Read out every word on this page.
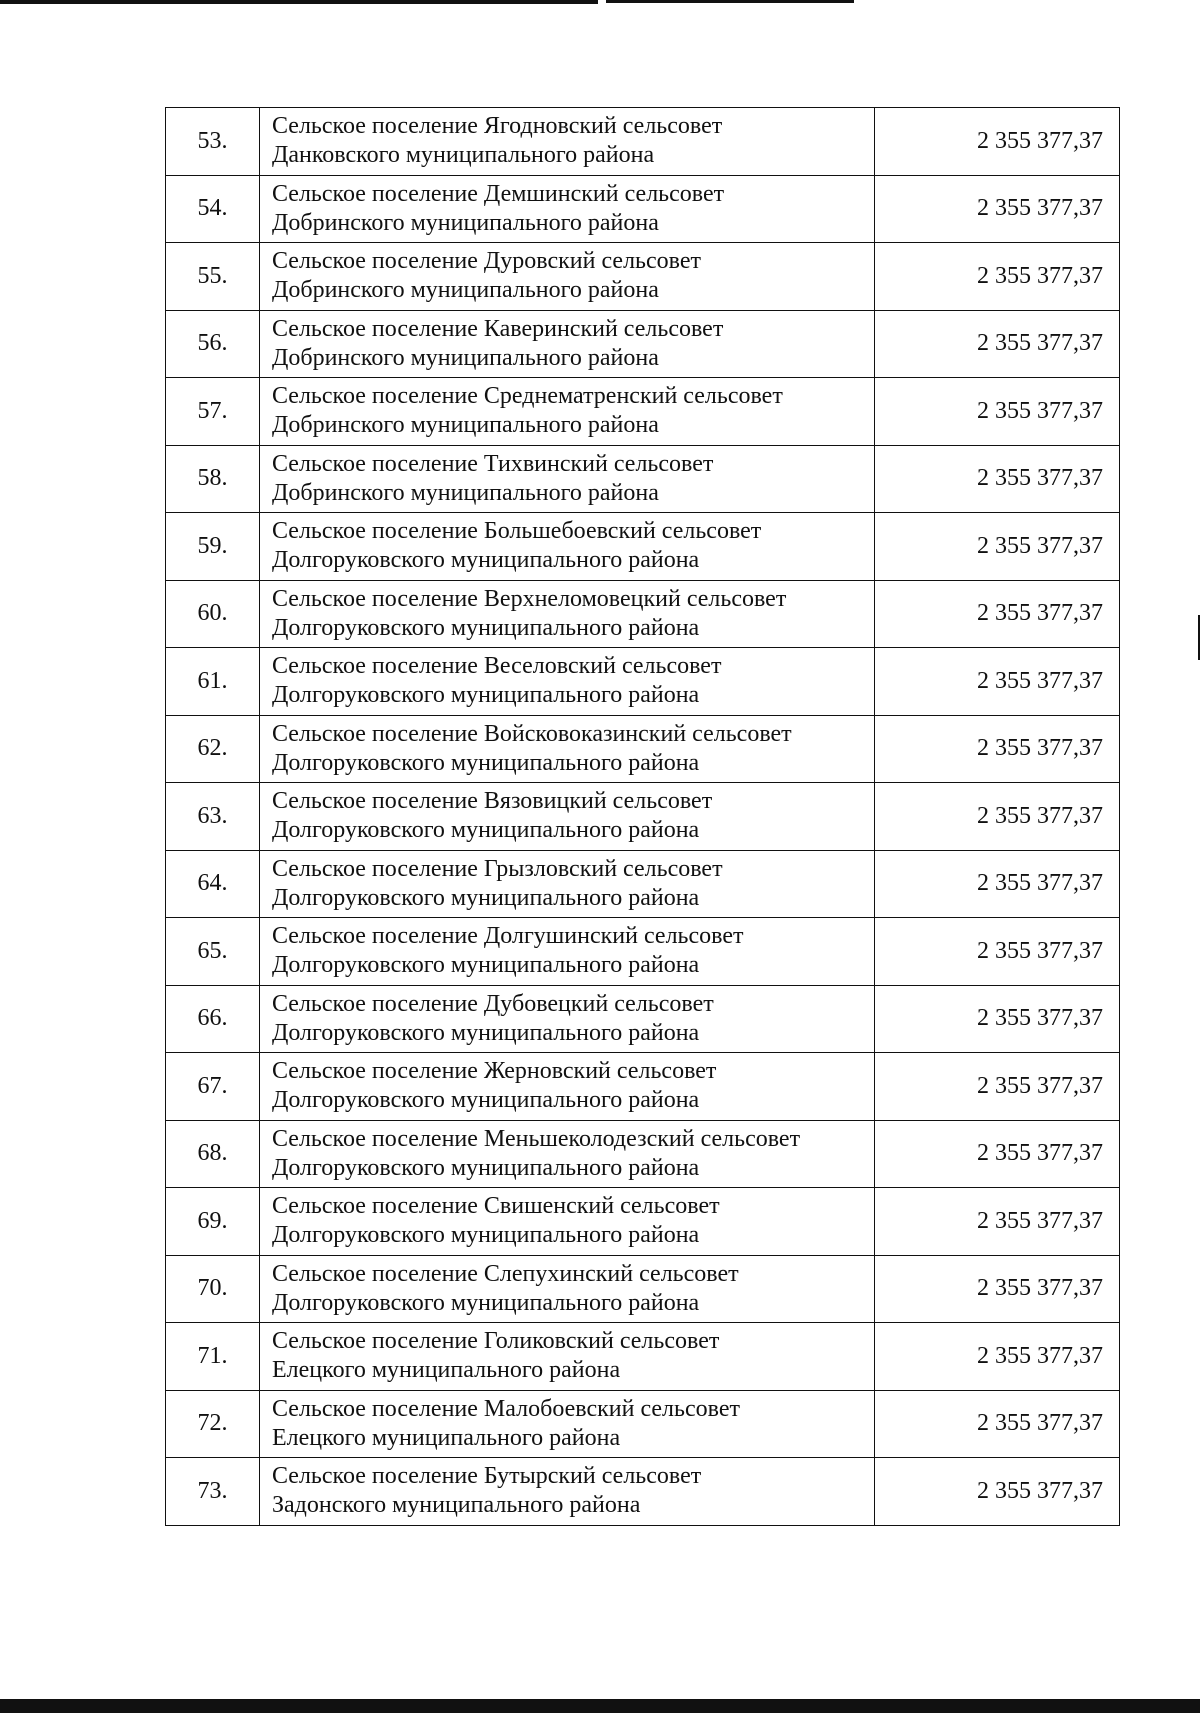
53.	Сельское поселение Ягодновский сельсовет
Данковского муниципального района	2 355 377,37
54.	Сельское поселение Демшинский сельсовет
Добринского муниципального района	2 355 377,37
55.	Сельское поселение Дуровский сельсовет
Добринского муниципального района	2 355 377,37
56.	Сельское поселение Каверинский сельсовет
Добринского муниципального района	2 355 377,37
57.	Сельское поселение Среднематренский сельсовет
Добринского муниципального района	2 355 377,37
58.	Сельское поселение Тихвинский сельсовет
Добринского муниципального района	2 355 377,37
59.	Сельское поселение Большебоевский сельсовет
Долгоруковского муниципального района	2 355 377,37
60.	Сельское поселение Верхнеломовецкий сельсовет
Долгоруковского муниципального района	2 355 377,37
61.	Сельское поселение Веселовский сельсовет
Долгоруковского муниципального района	2 355 377,37
62.	Сельское поселение Войсковоказинский сельсовет
Долгоруковского муниципального района	2 355 377,37
63.	Сельское поселение Вязовицкий сельсовет
Долгоруковского муниципального района	2 355 377,37
64.	Сельское поселение Грызловский сельсовет
Долгоруковского муниципального района	2 355 377,37
65.	Сельское поселение Долгушинский сельсовет
Долгоруковского муниципального района	2 355 377,37
66.	Сельское поселение Дубовецкий сельсовет
Долгоруковского муниципального района	2 355 377,37
67.	Сельское поселение Жерновский сельсовет
Долгоруковского муниципального района	2 355 377,37
68.	Сельское поселение Меньшеколодезский сельсовет
Долгоруковского муниципального района	2 355 377,37
69.	Сельское поселение Свишенский сельсовет
Долгоруковского муниципального района	2 355 377,37
70.	Сельское поселение Слепухинский сельсовет
Долгоруковского муниципального района	2 355 377,37
71.	Сельское поселение Голиковский сельсовет
Елецкого муниципального района	2 355 377,37
72.	Сельское поселение Малобоевский сельсовет
Елецкого муниципального района	2 355 377,37
73.	Сельское поселение Бутырский сельсовет
Задонского муниципального района	2 355 377,37
